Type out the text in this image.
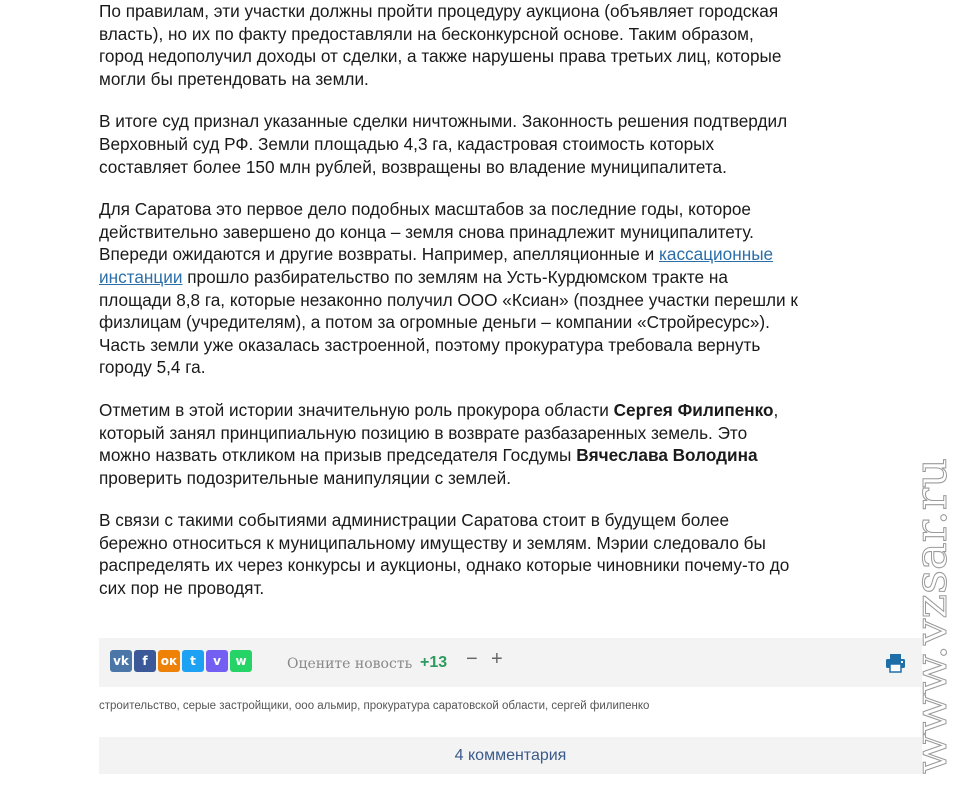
По правилам, эти участки должны пройти процедуру аукциона (объявляет городская власть), но их по факту предоставляли на бесконкурсной основе. Таким образом, город недополучил доходы от сделки, а также нарушены права третьих лиц, которые могли бы претендовать на земли.

В итоге суд признал указанные сделки ничтожными. Законность решения подтвердил Верховный суд РФ. Земли площадью 4,3 га, кадастровая стоимость которых составляет более 150 млн рублей, возвращены во владение муниципалитета.

Для Саратова это первое дело подобных масштабов за последние годы, которое действительно завершено до конца – земля снова принадлежит муниципалитету. Впереди ожидаются и другие возвраты. Например, апелляционные и кассационные инстанции прошло разбирательство по землям на Усть-Курдюмском тракте на площади 8,8 га, которые незаконно получил ООО «Ксиан» (позднее участки перешли к физлицам (учредителям), а потом за огромные деньги – компании «Стройресурс»). Часть земли уже оказалась застроенной, поэтому прокуратура требовала вернуть городу 5,4 га.

Отметим в этой истории значительную роль прокурора области Сергея Филипенко, который занял принципиальную позицию в возврате разбазаренных земель. Это можно назвать откликом на призыв председателя Госдумы Вячеслава Володина проверить подозрительные манипуляции с землей.

В связи с такими событиями администрации Саратова стоит в будущем более бережно относиться к муниципальному имуществу и землям. Мэрии следовало бы распределять их через конкурсы и аукционы, однако которые чиновники почему-то до сих пор не проводят.

vk f ок t v w	Оцените новость +13 − +
строительство, серые застройщики, ооо альмир, прокуратура саратовской области, сергей филипенко
4 комментария	www.vzsar.ru
